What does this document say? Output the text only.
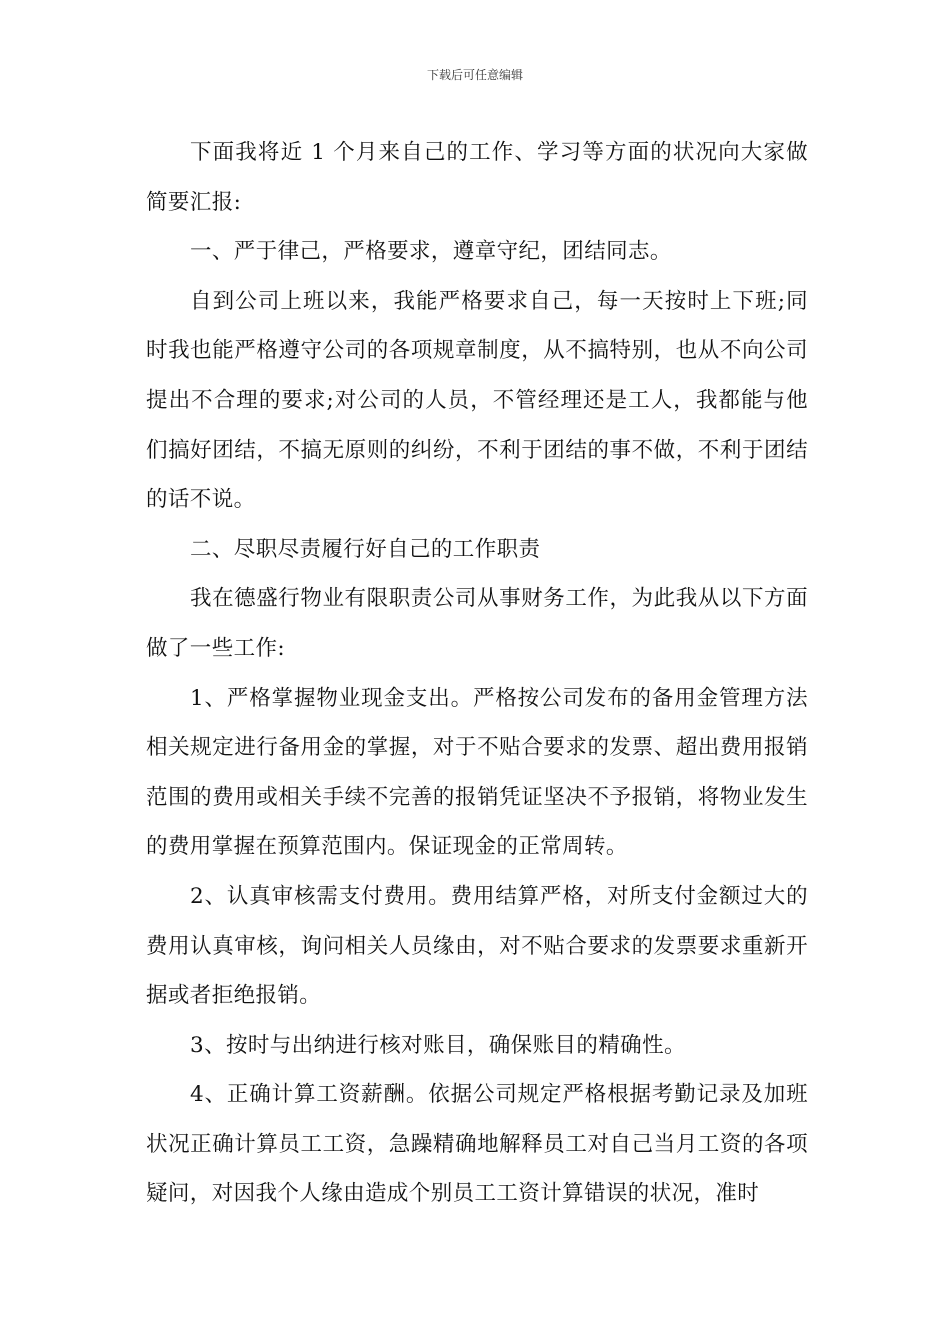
下载后可任意编辑

下面我将近 1 个月来自己的工作、学习等方面的状况向大家做简要汇报:

一、严于律己，严格要求，遵章守纪，团结同志。

自到公司上班以来，我能严格要求自己，每一天按时上下班;同时我也能严格遵守公司的各项规章制度，从不搞特别，也从不向公司提出不合理的要求;对公司的人员，不管经理还是工人，我都能与他们搞好团结，不搞无原则的纠纷，不利于团结的事不做，不利于团结的话不说。

二、尽职尽责履行好自己的工作职责

我在德盛行物业有限职责公司从事财务工作，为此我从以下方面做了一些工作:

1、严格掌握物业现金支出。严格按公司发布的备用金管理方法相关规定进行备用金的掌握，对于不贴合要求的发票、超出费用报销范围的费用或相关手续不完善的报销凭证坚决不予报销，将物业发生的费用掌握在预算范围内。保证现金的正常周转。

2、认真审核需支付费用。费用结算严格，对所支付金额过大的费用认真审核，询问相关人员缘由，对不贴合要求的发票要求重新开据或者拒绝报销。

3、按时与出纳进行核对账目，确保账目的精确性。

4、正确计算工资薪酬。依据公司规定严格根据考勤记录及加班状况正确计算员工工资，急躁精确地解释员工对自己当月工资的各项疑问，对因我个人缘由造成个别员工工资计算错误的状况，准时
